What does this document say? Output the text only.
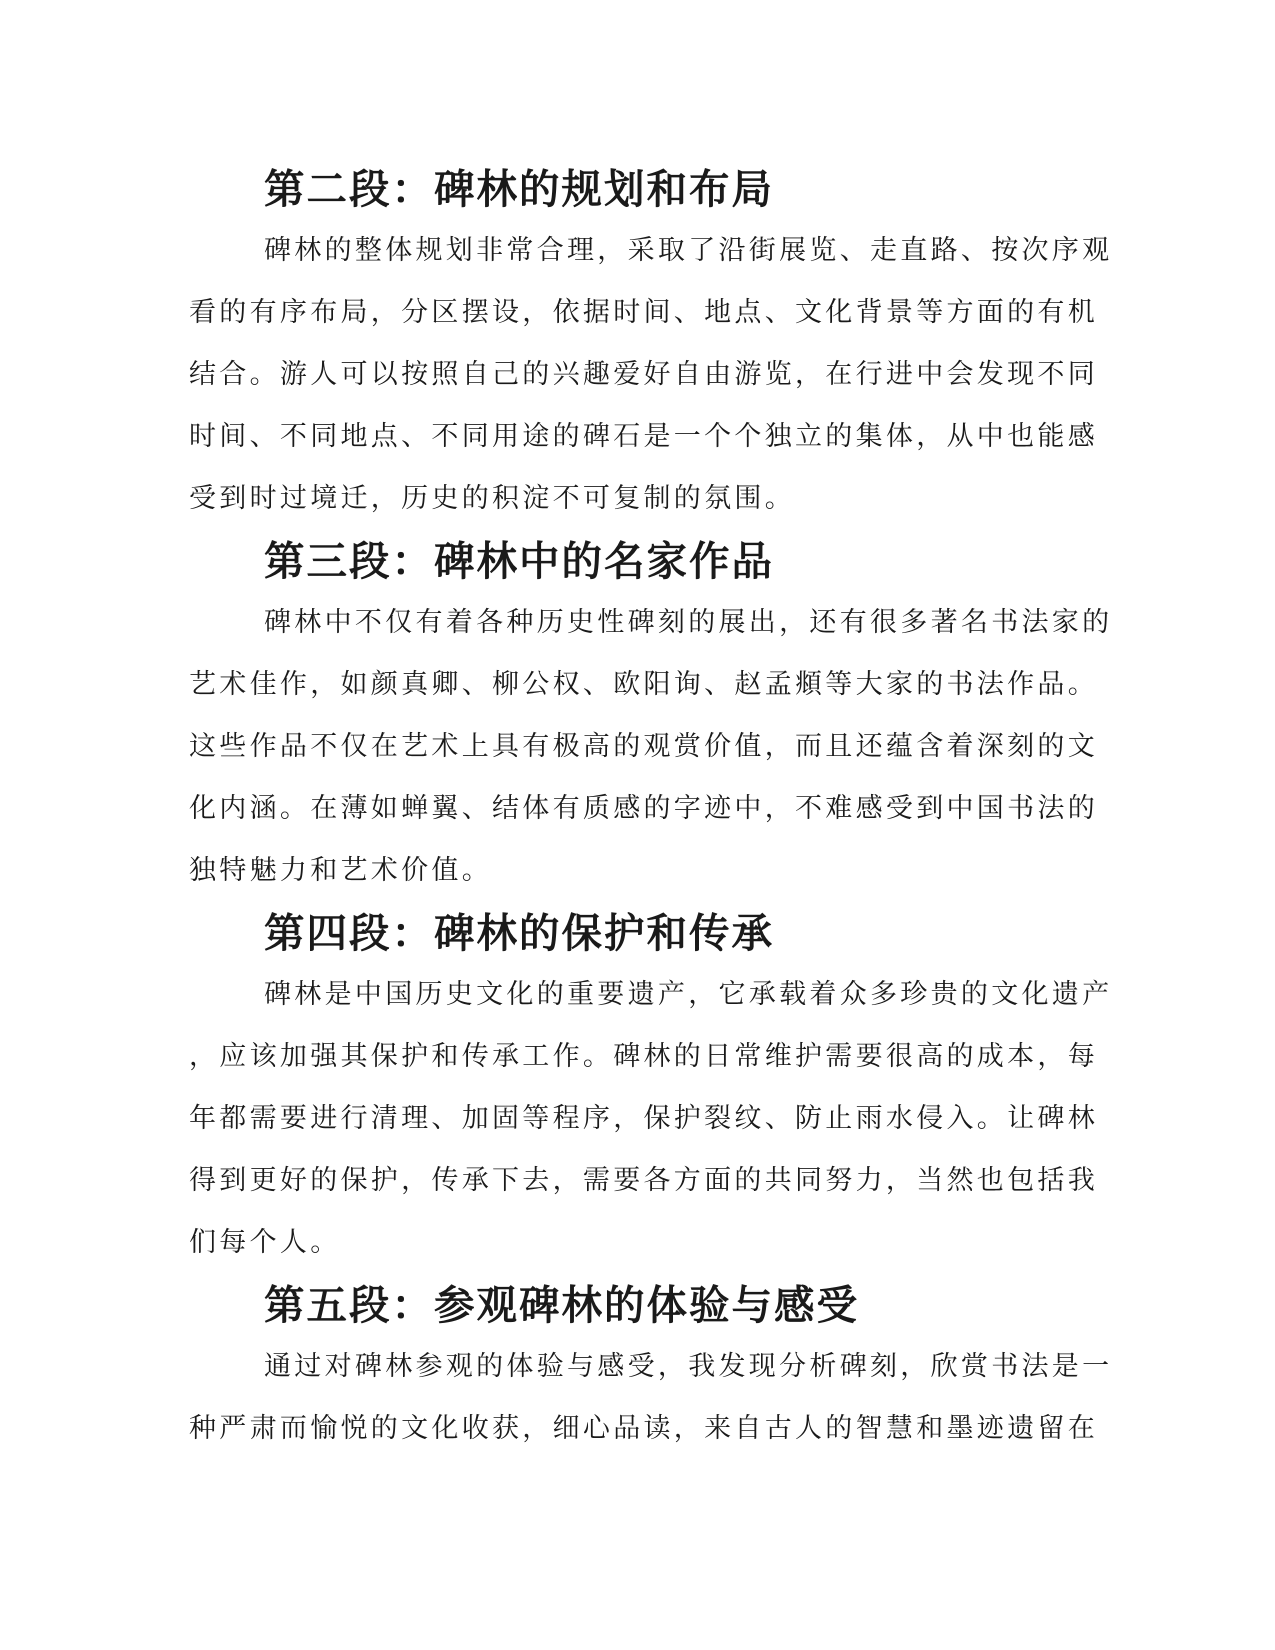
第二段：碑林的规划和布局

碑林的整体规划非常合理，采取了沿街展览、走直路、按次序观
看的有序布局，分区摆设，依据时间、地点、文化背景等方面的有机
结合。游人可以按照自己的兴趣爱好自由游览，在行进中会发现不同
时间、不同地点、不同用途的碑石是一个个独立的集体，从中也能感
受到时过境迁，历史的积淀不可复制的氛围。

第三段：碑林中的名家作品

碑林中不仅有着各种历史性碑刻的展出，还有很多著名书法家的
艺术佳作，如颜真卿、柳公权、欧阳询、赵孟頫等大家的书法作品。
这些作品不仅在艺术上具有极高的观赏价值，而且还蕴含着深刻的文
化内涵。在薄如蝉翼、结体有质感的字迹中，不难感受到中国书法的
独特魅力和艺术价值。

第四段：碑林的保护和传承

碑林是中国历史文化的重要遗产，它承载着众多珍贵的文化遗产
，应该加强其保护和传承工作。碑林的日常维护需要很高的成本，每
年都需要进行清理、加固等程序，保护裂纹、防止雨水侵入。让碑林
得到更好的保护，传承下去，需要各方面的共同努力，当然也包括我
们每个人。

第五段：参观碑林的体验与感受

通过对碑林参观的体验与感受，我发现分析碑刻，欣赏书法是一
种严肃而愉悦的文化收获，细心品读，来自古人的智慧和墨迹遗留在
